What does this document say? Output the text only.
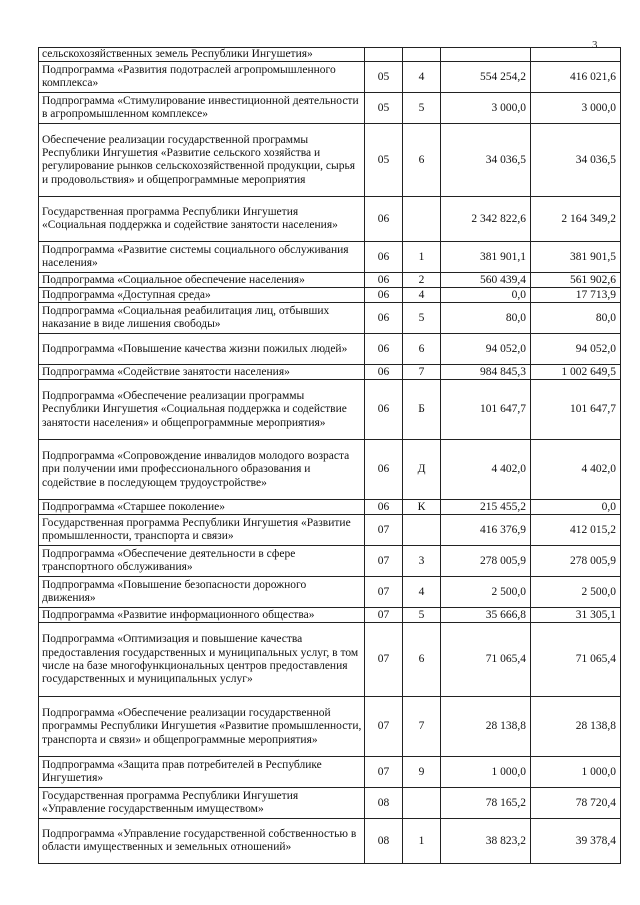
3
сельскохозяйственных земель Республики Ингушетия»				
Подпрограмма «Развития подотраслей агропромышленного комплекса»	05	4	554 254,2	416 021,6
Подпрограмма «Стимулирование инвестиционной деятельности в агропромышленном комплексе»	05	5	3 000,0	3 000,0
Обеспечение реализации государственной программы Республики Ингушетия «Развитие сельского хозяйства и регулирование рынков сельскохозяйственной продукции, сырья и продовольствия» и общепрограммные мероприятия	05	6	34 036,5	34 036,5
Государственная программа Республики Ингушетия «Социальная поддержка и содействие занятости населения»	06		2 342 822,6	2 164 349,2
Подпрограмма «Развитие системы социального обслуживания населения»	06	1	381 901,1	381 901,5
Подпрограмма «Социальное обеспечение населения»	06	2	560 439,4	561 902,6
Подпрограмма «Доступная среда»	06	4	0,0	17 713,9
Подпрограмма «Социальная реабилитация лиц, отбывших наказание в виде лишения свободы»	06	5	80,0	80,0
Подпрограмма «Повышение качества жизни пожилых людей»	06	6	94 052,0	94 052,0
Подпрограмма «Содействие занятости населения»	06	7	984 845,3	1 002 649,5
Подпрограмма «Обеспечение реализации программы Республики Ингушетия «Социальная поддержка и содействие занятости населения» и общепрограммные мероприятия»	06	Б	101 647,7	101 647,7
Подпрограмма «Сопровождение инвалидов молодого возраста при получении ими профессионального образования и содействие в последующем трудоустройстве»	06	Д	4 402,0	4 402,0
Подпрограмма «Старшее поколение»	06	К	215 455,2	0,0
Государственная программа Республики Ингушетия «Развитие промышленности, транспорта и связи»	07		416 376,9	412 015,2
Подпрограмма «Обеспечение деятельности в сфере транспортного обслуживания»	07	3	278 005,9	278 005,9
Подпрограмма «Повышение безопасности дорожного движения»	07	4	2 500,0	2 500,0
Подпрограмма «Развитие информационного общества»	07	5	35 666,8	31 305,1
Подпрограмма «Оптимизация и повышение качества предоставления государственных и муниципальных услуг, в том числе на базе многофункциональных центров предоставления государственных и муниципальных услуг»	07	6	71 065,4	71 065,4
Подпрограмма «Обеспечение реализации государственной программы Республики Ингушетия «Развитие промышленности, транспорта и связи» и общепрограммные мероприятия»	07	7	28 138,8	28 138,8
Подпрограмма «Защита прав потребителей в Республике Ингушетия»	07	9	1 000,0	1 000,0
Государственная программа Республики Ингушетия «Управление государственным имуществом»	08		78 165,2	78 720,4
Подпрограмма «Управление государственной собственностью в области имущественных и земельных отношений»	08	1	38 823,2	39 378,4
